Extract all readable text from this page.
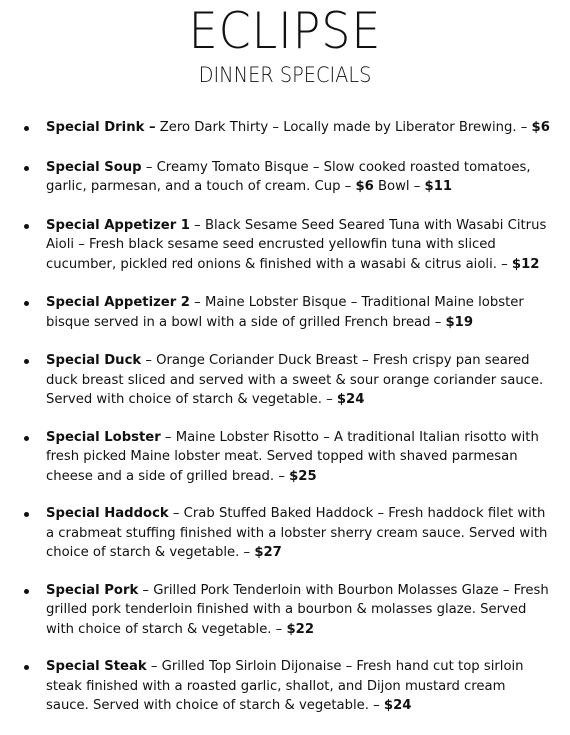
ECLIPSE
DINNER SPECIALS
Special Drink – Zero Dark Thirty – Locally made by Liberator Brewing. – $6
Special Soup – Creamy Tomato Bisque – Slow cooked roasted tomatoes, garlic, parmesan, and a touch of cream. Cup – $6 Bowl – $11
Special Appetizer 1 – Black Sesame Seed Seared Tuna with Wasabi Citrus Aioli – Fresh black sesame seed encrusted yellowfin tuna with sliced cucumber, pickled red onions & finished with a wasabi & citrus aioli. – $12
Special Appetizer 2 – Maine Lobster Bisque – Traditional Maine lobster bisque served in a bowl with a side of grilled French bread – $19
Special Duck – Orange Coriander Duck Breast – Fresh crispy pan seared duck breast sliced and served with a sweet & sour orange coriander sauce. Served with choice of starch & vegetable. – $24
Special Lobster – Maine Lobster Risotto – A traditional Italian risotto with fresh picked Maine lobster meat. Served topped with shaved parmesan cheese and a side of grilled bread. – $25
Special Haddock – Crab Stuffed Baked Haddock – Fresh haddock filet with a crabmeat stuffing finished with a lobster sherry cream sauce. Served with choice of starch & vegetable. – $27
Special Pork – Grilled Pork Tenderloin with Bourbon Molasses Glaze – Fresh grilled pork tenderloin finished with a bourbon & molasses glaze. Served with choice of starch & vegetable. – $22
Special Steak – Grilled Top Sirloin Dijonaise – Fresh hand cut top sirloin steak finished with a roasted garlic, shallot, and Dijon mustard cream sauce. Served with choice of starch & vegetable. – $24
